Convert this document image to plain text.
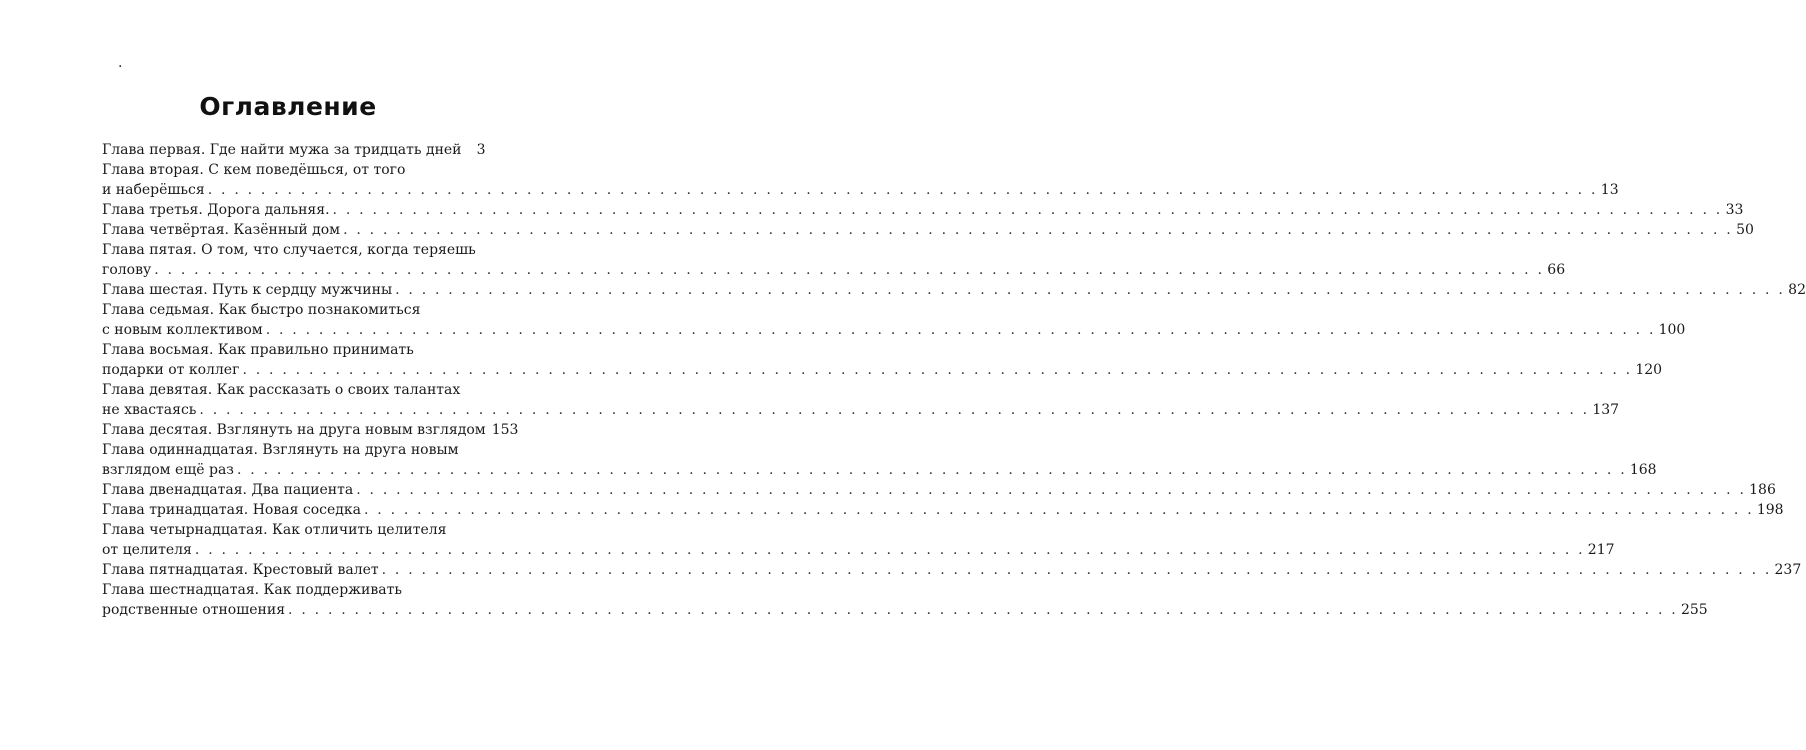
.
Оглавление
Глава первая. Где найти мужа за тридцать дней	3
Глава вторая. С кем поведёшься, от того
и наберёшься . . .	13
Глава третья. Дорога дальняя. . . .	33
Глава четвёртая. Казённый дом . . .	50
Глава пятая. О том, что случается, когда теряешь
голову . . .	66
Глава шестая. Путь к сердцу мужчины . . .	82
Глава седьмая. Как быстро познакомиться
с новым коллективом . . .	100
Глава восьмая. Как правильно принимать
подарки от коллег . . .	120
Глава девятая. Как рассказать о своих талантах
не хвастаясь . . .	137
Глава десятая. Взглянуть на друга новым взглядом 153
Глава одиннадцатая. Взглянуть на друга новым
взглядом ещё раз . . .	168
Глава двенадцатая. Два пациента . . .	186
Глава тринадцатая. Новая соседка . . .	198
Глава четырнадцатая. Как отличить целителя
от целителя . . .	217
Глава пятнадцатая. Крестовый валет . . .	237
Глава шестнадцатая. Как поддерживать
родственные отношения . . .	255
